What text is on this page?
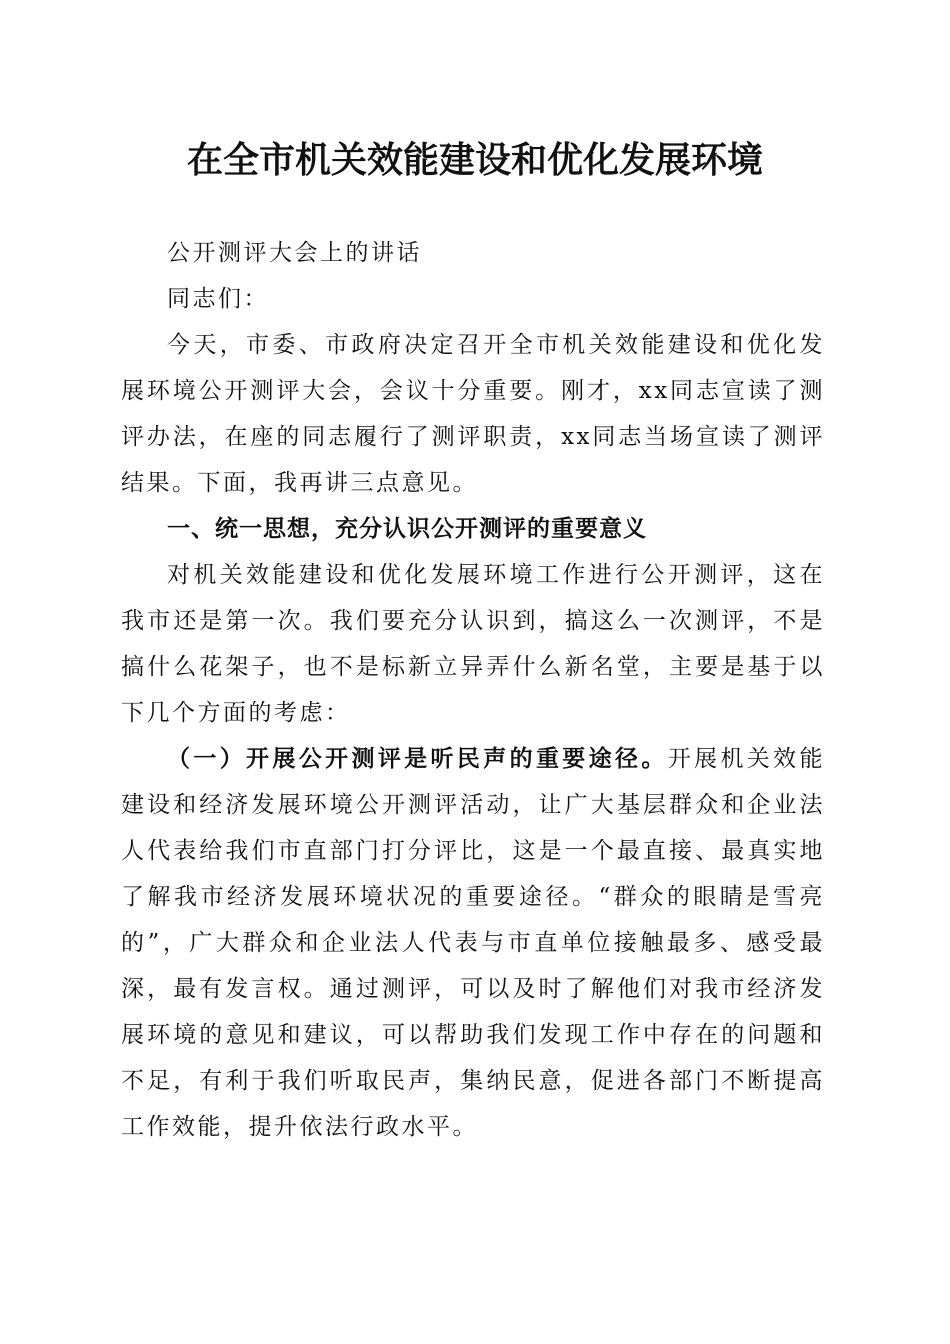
在全市机关效能建设和优化发展环境

公开测评大会上的讲话

同志们：

今天，市委、市政府决定召开全市机关效能建设和优化发展环境公开测评大会，会议十分重要。刚才，xx同志宣读了测评办法，在座的同志履行了测评职责，xx同志当场宣读了测评结果。下面，我再讲三点意见。

一、统一思想，充分认识公开测评的重要意义

对机关效能建设和优化发展环境工作进行公开测评，这在我市还是第一次。我们要充分认识到，搞这么一次测评，不是搞什么花架子，也不是标新立异弄什么新名堂，主要是基于以下几个方面的考虑：

（一）开展公开测评是听民声的重要途径。开展机关效能建设和经济发展环境公开测评活动，让广大基层群众和企业法人代表给我们市直部门打分评比，这是一个最直接、最真实地了解我市经济发展环境状况的重要途径。“群众的眼睛是雪亮的”，广大群众和企业法人代表与市直单位接触最多、感受最深，最有发言权。通过测评，可以及时了解他们对我市经济发展环境的意见和建议，可以帮助我们发现工作中存在的问题和不足，有利于我们听取民声，集纳民意，促进各部门不断提高工作效能，提升依法行政水平。
